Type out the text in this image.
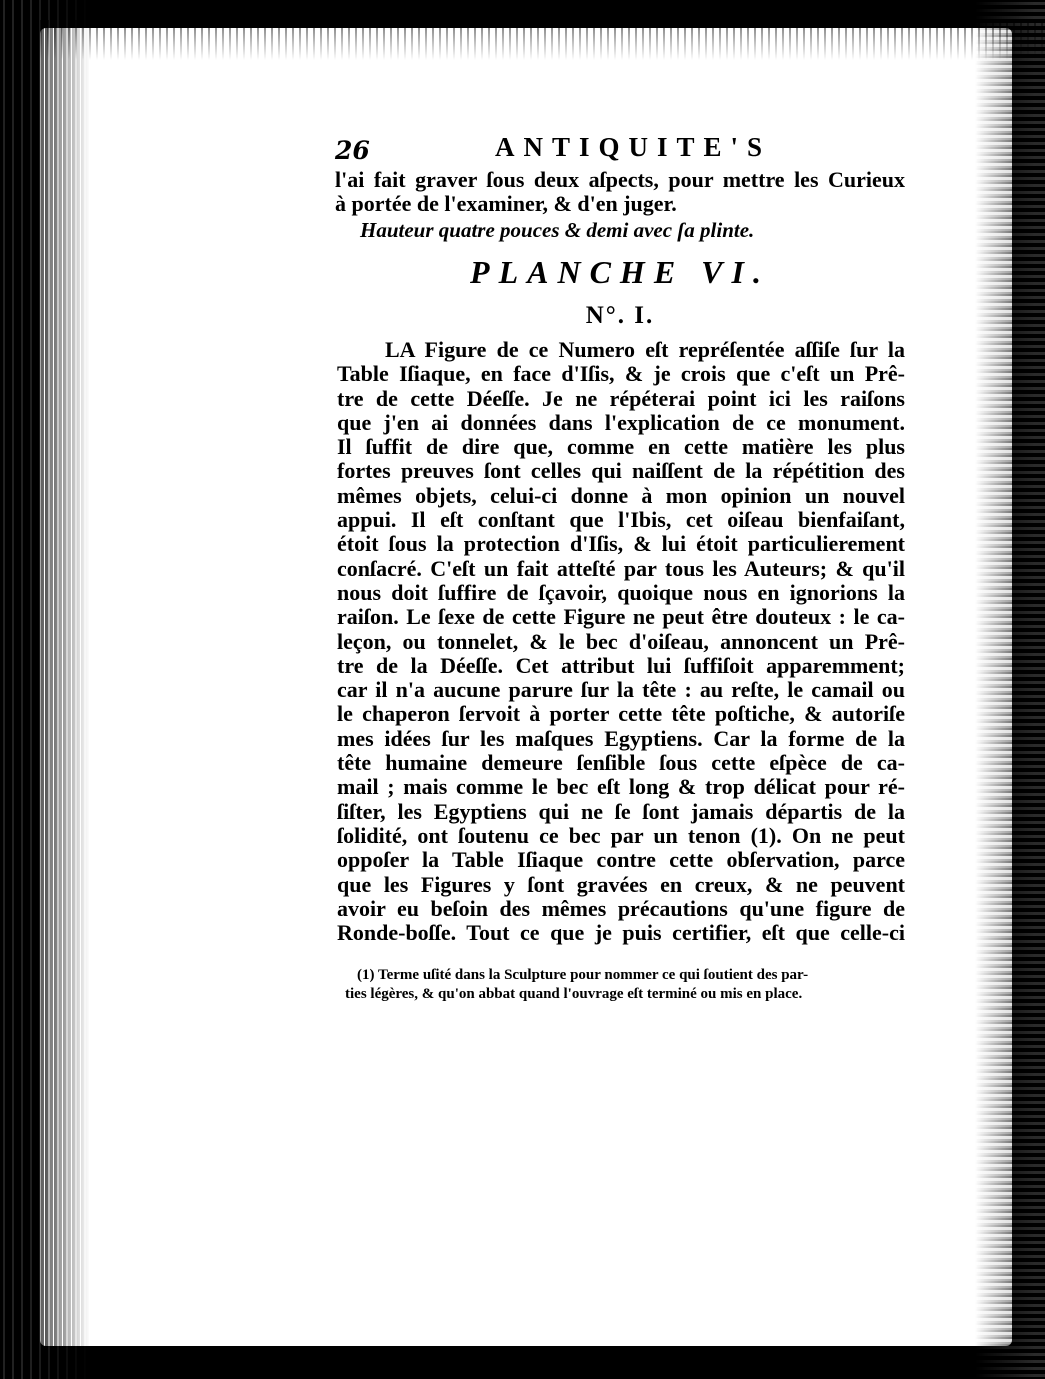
26	ANTIQUITE'S
l'ai fait graver ſous deux aſpects, pour mettre les Curieux
à portée de l'examiner, & d'en juger.
Hauteur quatre pouces & demi avec ſa plinte.
PLANCHE VI.
N°. I.
LA Figure de ce Numero eſt repréſentée aſſiſe ſur la
Table Iſiaque, en face d'Iſis, & je crois que c'eſt un Prê-
tre de cette Déeſſe. Je ne répéterai point ici les raiſons
que j'en ai données dans l'explication de ce monument.
Il ſuffit de dire que, comme en cette matière les plus
fortes preuves ſont celles qui naiſſent de la répétition des
mêmes objets, celui-ci donne à mon opinion un nouvel
appui. Il eſt conſtant que l'Ibis, cet oiſeau bienfaiſant,
étoit ſous la protection d'Iſis, & lui étoit particulierement
conſacré. C'eſt un fait atteſté par tous les Auteurs; & qu'il
nous doit ſuffire de ſçavoir, quoique nous en ignorions la
raiſon. Le ſexe de cette Figure ne peut être douteux : le ca-
leçon, ou tonnelet, & le bec d'oiſeau, annoncent un Prê-
tre de la Déeſſe. Cet attribut lui ſuffiſoit apparemment;
car il n'a aucune parure ſur la tête : au reſte, le camail ou
le chaperon ſervoit à porter cette tête poſtiche, & autoriſe
mes idées ſur les maſques Egyptiens. Car la forme de la
tête humaine demeure ſenſible ſous cette eſpèce de ca-
mail ; mais comme le bec eſt long & trop délicat pour ré-
ſiſter, les Egyptiens qui ne ſe ſont jamais départis de la
ſolidité, ont ſoutenu ce bec par un tenon (1). On ne peut
oppoſer la Table Iſiaque contre cette obſervation, parce
que les Figures y ſont gravées en creux, & ne peuvent
avoir eu beſoin des mêmes précautions qu'une figure de
Ronde-boſſe. Tout ce que je puis certifier, eſt que celle-ci
(1) Terme uſité dans la Sculpture pour nommer ce qui ſoutient des par-
ties légères, & qu'on abbat quand l'ouvrage eſt terminé ou mis en place.
